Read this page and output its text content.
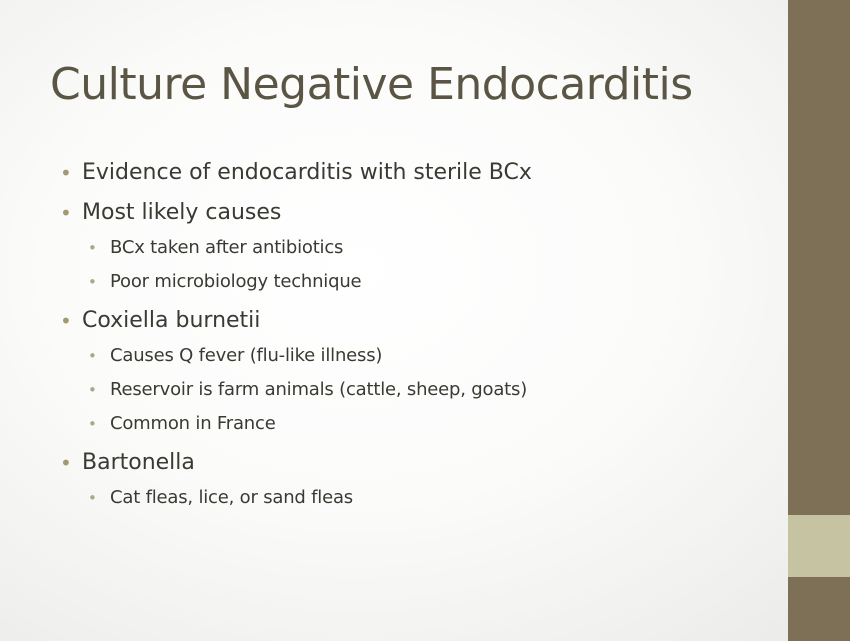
Culture Negative Endocarditis
• Evidence of endocarditis with sterile BCx
• Most likely causes
• BCx taken after antibiotics
• Poor microbiology technique
• Coxiella burnetii
• Causes Q fever (flu-like illness)
• Reservoir is farm animals (cattle, sheep, goats)
• Common in France
• Bartonella
• Cat fleas, lice, or sand fleas
